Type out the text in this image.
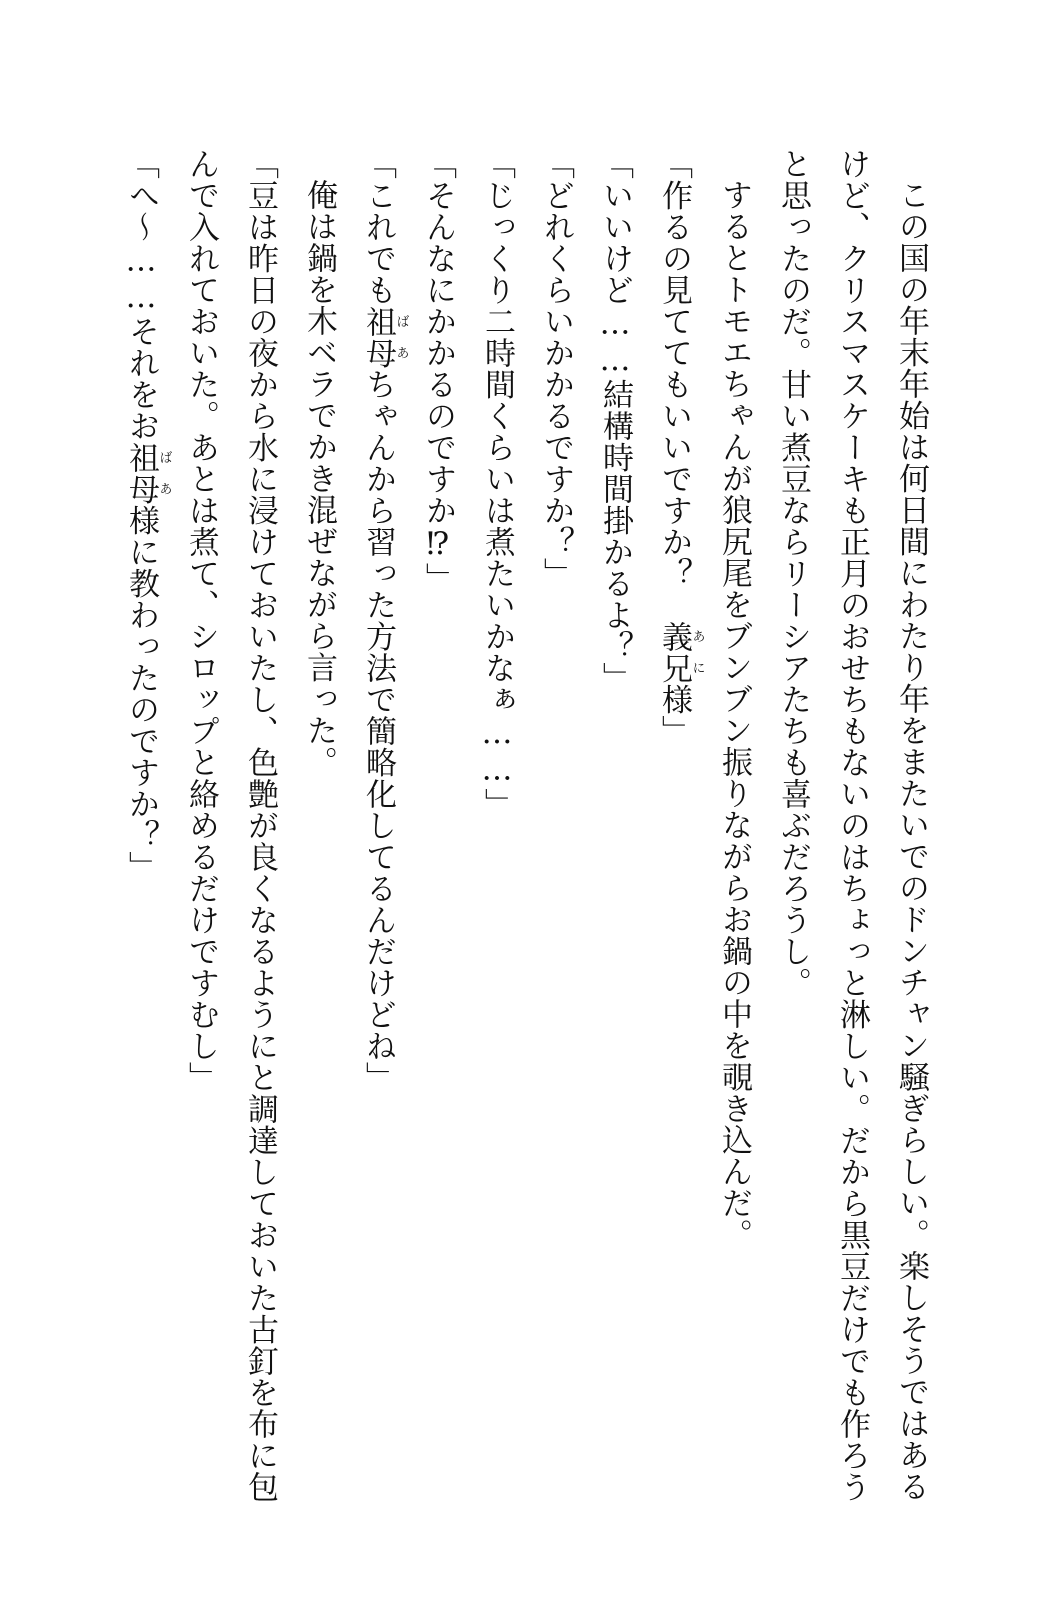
この国の年末年始は何日間にわたり年をまたいでのドンチャン騒ぎらしい。楽しそうではあるけど、クリスマスケーキも正月のおせちもないのはちょっと淋しい。だから黒豆だけでも作ろうと思ったのだ。甘い煮豆ならリーシアたちも喜ぶだろうし。

するとトモエちゃんが狼尻尾をブンブン振りながらお鍋の中を覗き込んだ。

「作るの見ててもいいですか？　義兄あに様」

「いいけど……結構時間掛かるよ？」

「どれくらいかかるですか？」

「じっくり二時間くらいは煮たいかなぁ……」

「そんなにかかるのですか⁉」

「これでも祖母ばあちゃんから習った方法で簡略化してるんだけどね」

俺は鍋を木ベラでかき混ぜながら言った。

「豆は昨日の夜から水に浸けておいたし、色艶が良くなるようにと調達しておいた古釘を布に包んで入れておいた。あとは煮て、シロップと絡めるだけですむし」

「へ〜……それをお祖母ばあ様に教わったのですか？」
